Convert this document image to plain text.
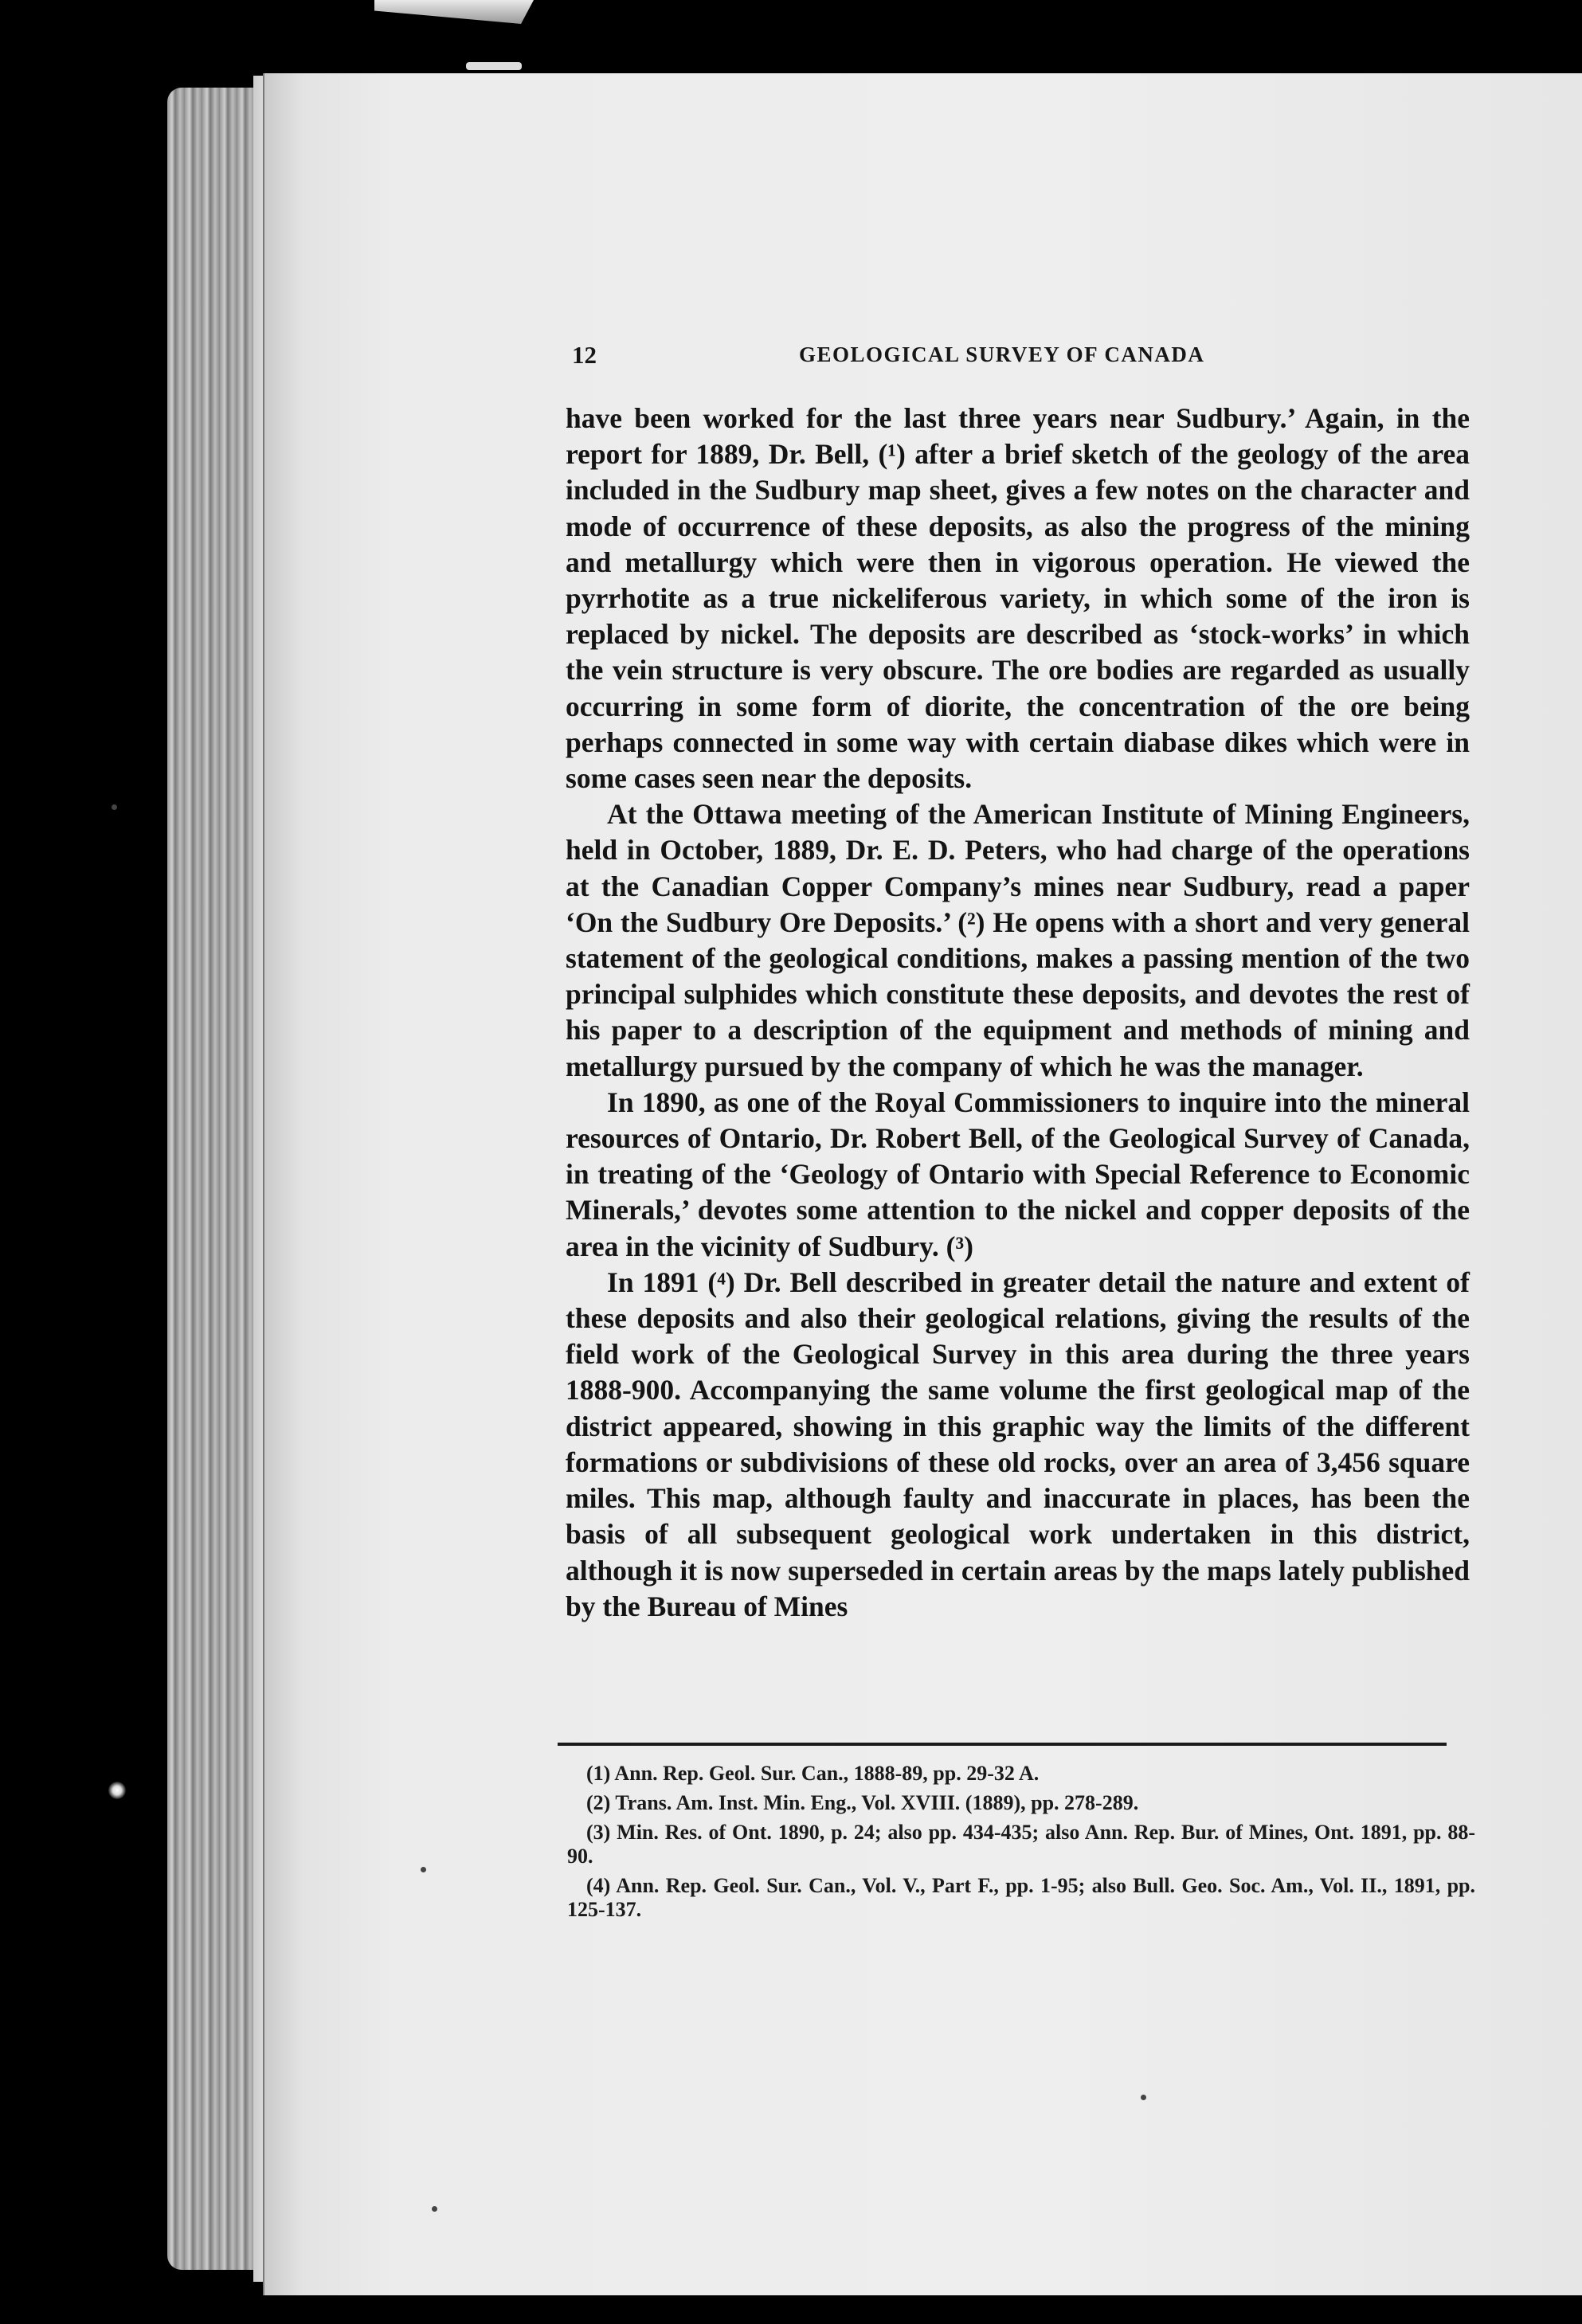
12	GEOLOGICAL SURVEY OF CANADA

have been worked for the last three years near Sudbury.’ Again, in the report for 1889, Dr. Bell, (¹) after a brief sketch of the geology of the area included in the Sudbury map sheet, gives a few notes on the character and mode of occurrence of these deposits, as also the progress of the mining and metallurgy which were then in vigorous operation. He viewed the pyrrhotite as a true nickeliferous variety, in which some of the iron is replaced by nickel. The deposits are described as ‘stock-works’ in which the vein structure is very obscure. The ore bodies are regarded as usually occurring in some form of diorite, the concentration of the ore being perhaps connected in some way with certain diabase dikes which were in some cases seen near the deposits.

At the Ottawa meeting of the American Institute of Mining Engineers, held in October, 1889, Dr. E. D. Peters, who had charge of the operations at the Canadian Copper Company’s mines near Sudbury, read a paper ‘On the Sudbury Ore Deposits.’ (²) He opens with a short and very general statement of the geological conditions, makes a passing mention of the two principal sulphides which constitute these deposits, and devotes the rest of his paper to a description of the equipment and methods of mining and metallurgy pursued by the company of which he was the manager.

In 1890, as one of the Royal Commissioners to inquire into the mineral resources of Ontario, Dr. Robert Bell, of the Geological Survey of Canada, in treating of the ‘Geology of Ontario with Special Reference to Economic Minerals,’ devotes some attention to the nickel and copper deposits of the area in the vicinity of Sudbury. (³)

In 1891 (⁴) Dr. Bell described in greater detail the nature and extent of these deposits and also their geological relations, giving the results of the field work of the Geological Survey in this area during the three years 1888-900. Accompanying the same volume the first geological map of the district appeared, showing in this graphic way the limits of the different formations or subdivisions of these old rocks, over an area of 3,456 square miles. This map, although faulty and inaccurate in places, has been the basis of all subsequent geological work undertaken in this district, although it is now superseded in certain areas by the maps lately published by the Bureau of Mines

(1) Ann. Rep. Geol. Sur. Can., 1888-89, pp. 29-32 A.

(2) Trans. Am. Inst. Min. Eng., Vol. XVIII. (1889), pp. 278-289.

(3) Min. Res. of Ont. 1890, p. 24; also pp. 434-435; also Ann. Rep. Bur. of Mines, Ont. 1891, pp. 88-90.

(4) Ann. Rep. Geol. Sur. Can., Vol. V., Part F., pp. 1-95; also Bull. Geo. Soc. Am., Vol. II., 1891, pp. 125-137.
